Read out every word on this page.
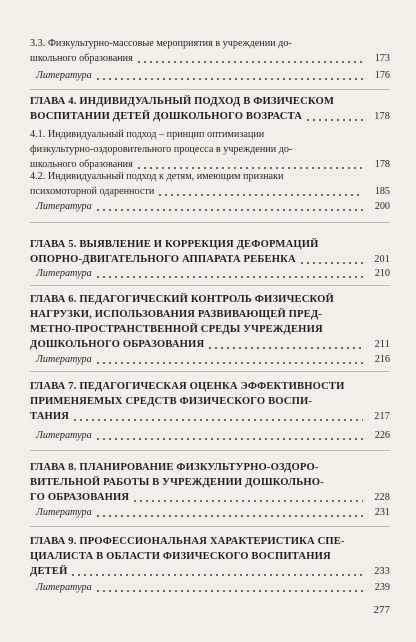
3.3. Физкультурно-массовые мероприятия в учреждении до-
школьного образования	173
Литература	176
ГЛАВА 4. ИНДИВИДУАЛЬНЫЙ ПОДХОД В ФИЗИЧЕСКОМ
ВОСПИТАНИИ ДЕТЕЙ ДОШКОЛЬНОГО ВОЗРАСТА	178
4.1. Индивидуальный подход – принцип оптимизации
физкультурно-оздоровительного процесса в учреждении до-
школьного образования	178
4.2. Индивидуальный подход к детям, имеющим признаки
психомоторной одаренности	185
Литература	200
ГЛАВА 5. ВЫЯВЛЕНИЕ И КОРРЕКЦИЯ ДЕФОРМАЦИЙ
ОПОРНО-ДВИГАТЕЛЬНОГО АППАРАТА РЕБЕНКА	201
Литература	210
ГЛАВА 6. ПЕДАГОГИЧЕСКИЙ КОНТРОЛЬ ФИЗИЧЕСКОЙ
НАГРУЗКИ, ИСПОЛЬЗОВАНИЯ РАЗВИВАЮЩЕЙ ПРЕД-
МЕТНО-ПРОСТРАНСТВЕННОЙ СРЕДЫ УЧРЕЖДЕНИЯ
ДОШКОЛЬНОГО ОБРАЗОВАНИЯ	211
Литература	216
ГЛАВА 7. ПЕДАГОГИЧЕСКАЯ ОЦЕНКА ЭФФЕКТИВНОСТИ
ПРИМЕНЯЕМЫХ СРЕДСТВ ФИЗИЧЕСКОГО ВОСПИ-
ТАНИЯ	217
Литература	226
ГЛАВА 8. ПЛАНИРОВАНИЕ ФИЗКУЛЬТУРНО-ОЗДОРО-
ВИТЕЛЬНОЙ РАБОТЫ В УЧРЕЖДЕНИИ ДОШКОЛЬНО-
ГО ОБРАЗОВАНИЯ	228
Литература	231
ГЛАВА 9. ПРОФЕССИОНАЛЬНАЯ ХАРАКТЕРИСТИКА СПЕ-
ЦИАЛИСТА В ОБЛАСТИ ФИЗИЧЕСКОГО ВОСПИТАНИЯ
ДЕТЕЙ	233
Литература	239
277
